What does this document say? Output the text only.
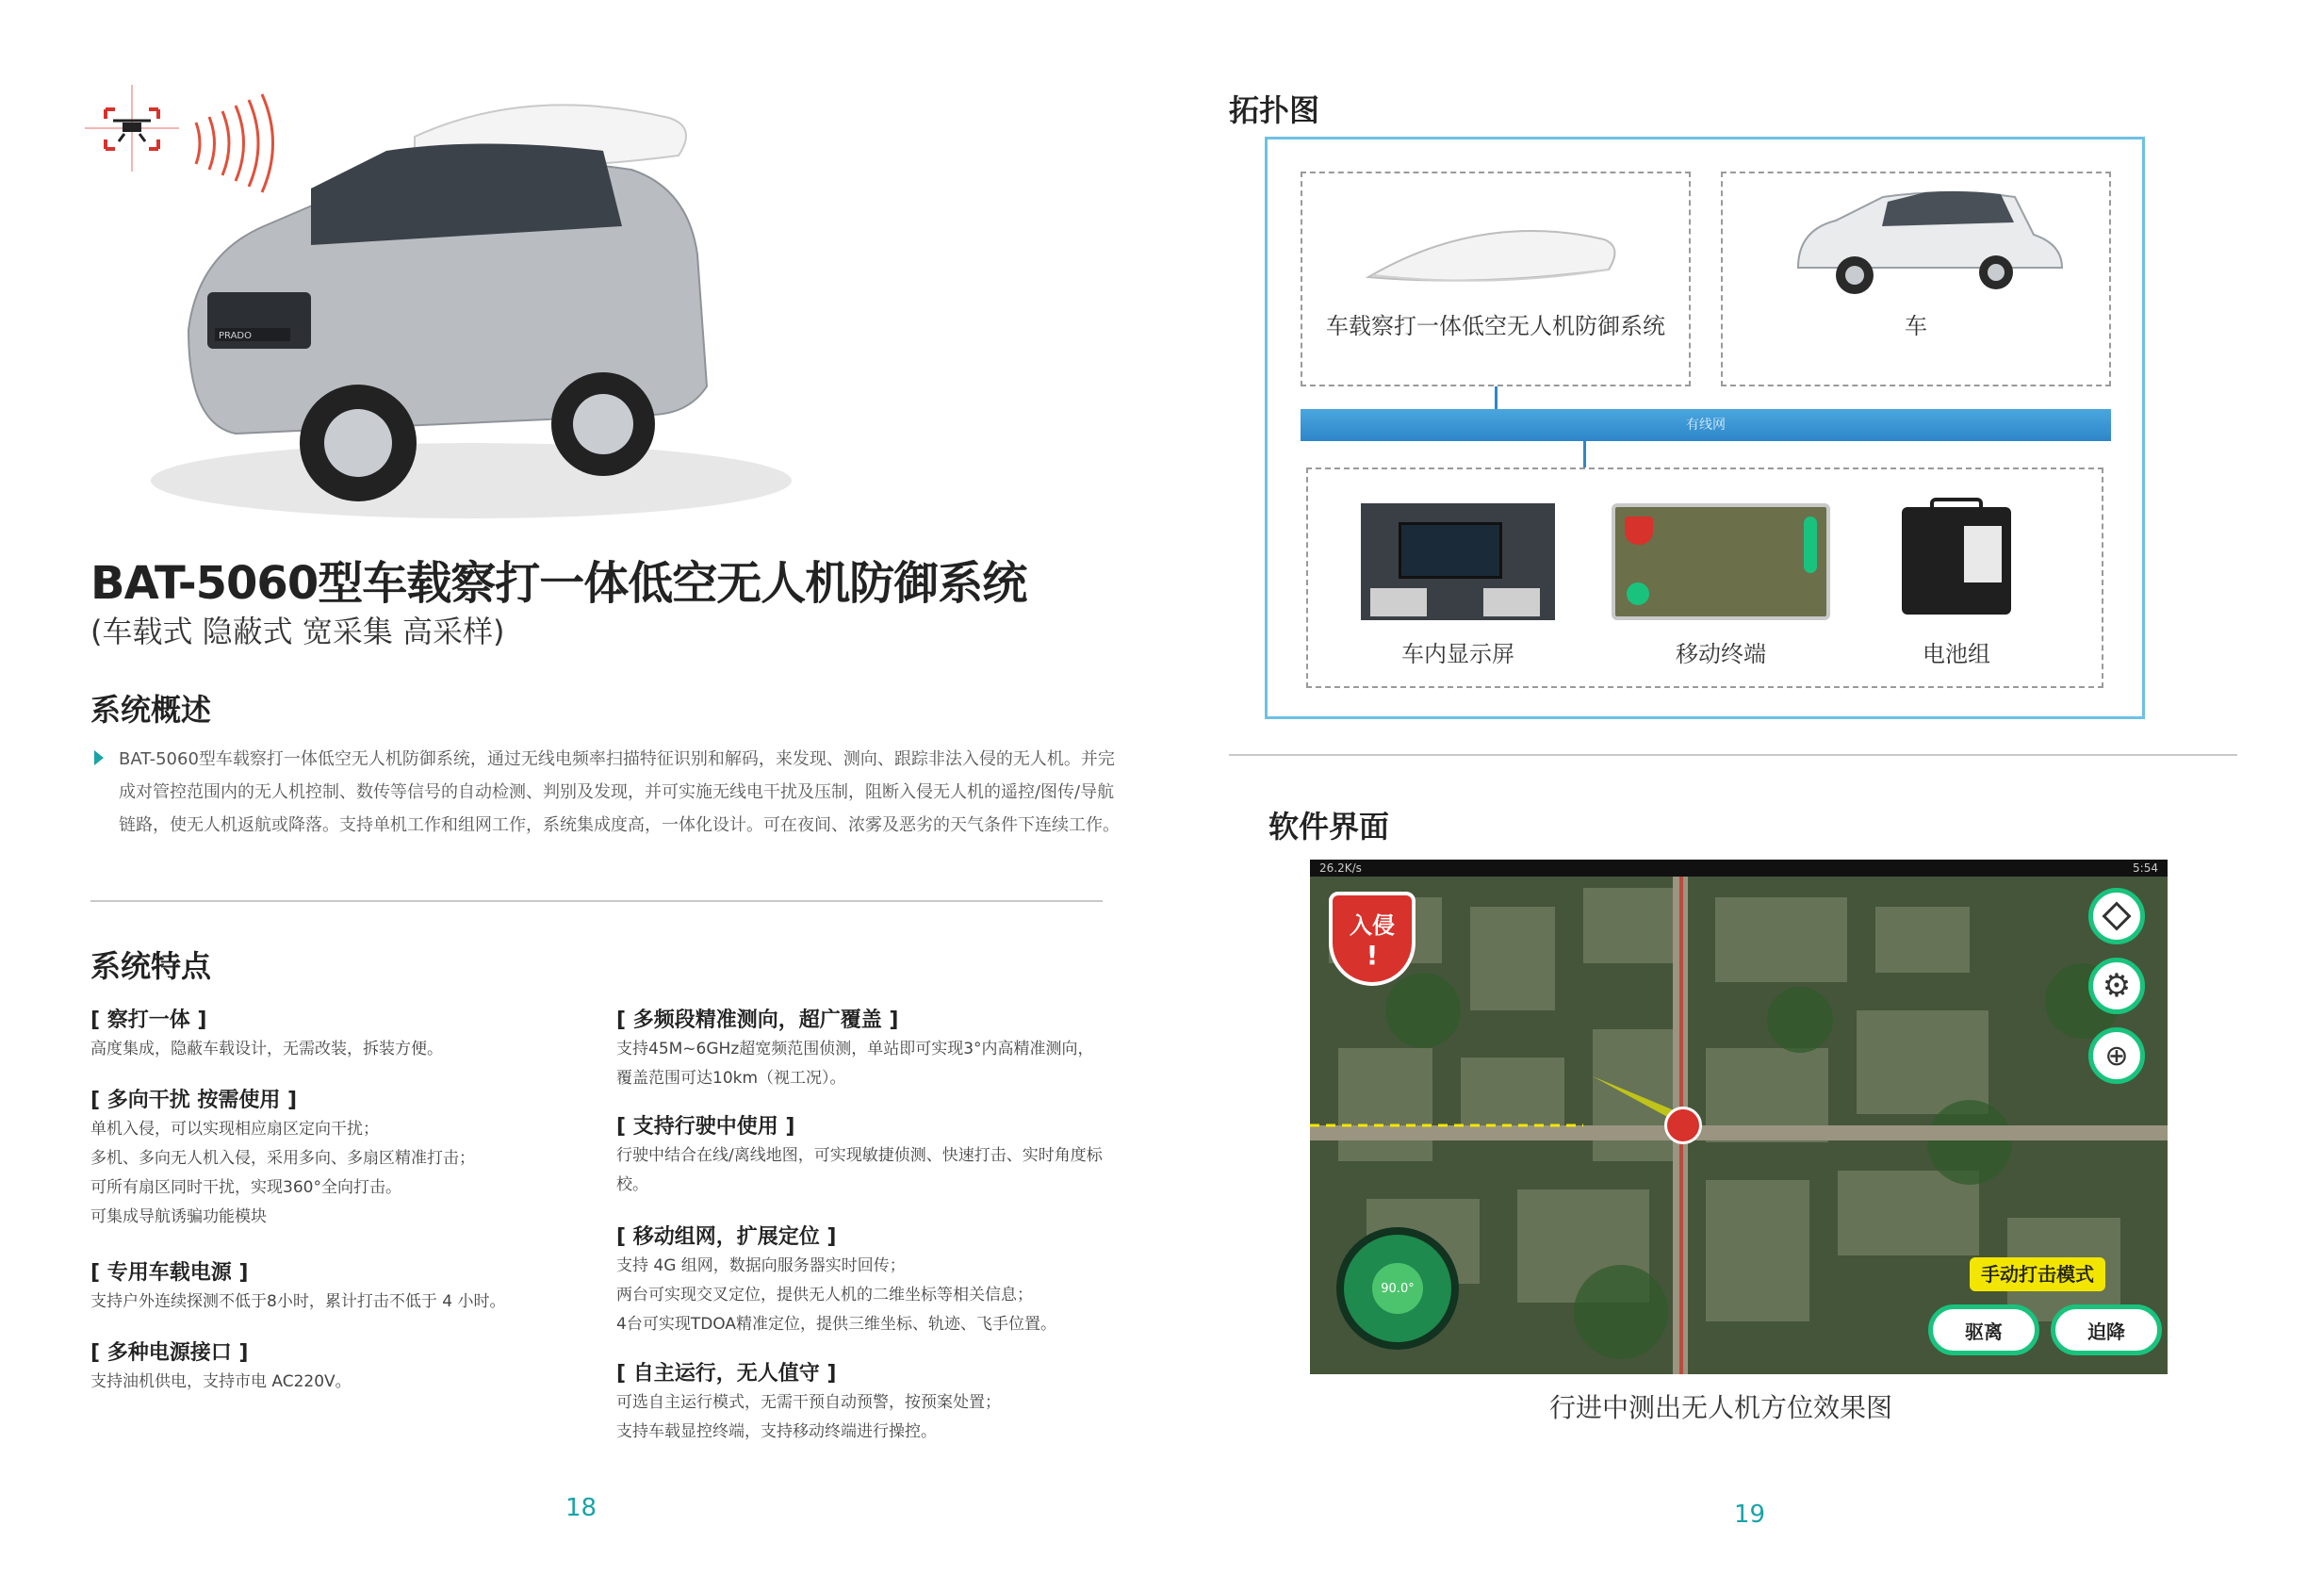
PRADO
BAT-5060型车载察打一体低空无人机防御系统
(车载式 隐蔽式 宽采集 高采样)
系统概述
BAT-5060型车载察打一体低空无人机防御系统，通过无线电频率扫描特征识别和解码，来发现、测向、跟踪非法入侵的无人机。并完成对管控范围内的无人机控制、数传等信号的自动检测、判别及发现，并可实施无线电干扰及压制，阻断入侵无人机的遥控/图传/导航链路，使无人机返航或降落。支持单机工作和组网工作，系统集成度高，一体化设计。可在夜间、浓雾及恶劣的天气条件下连续工作。
系统特点
[ 察打一体 ]
高度集成，隐蔽车载设计，无需改装，拆装方便。
[ 多向干扰 按需使用 ]
单机入侵，可以实现相应扇区定向干扰；
多机、多向无人机入侵，采用多向、多扇区精准打击；
可所有扇区同时干扰，实现360°全向打击。
可集成导航诱骗功能模块
[ 专用车载电源 ]
支持户外连续探测不低于8小时，累计打击不低于 4 小时。
[ 多种电源接口 ]
支持油机供电，支持市电 AC220V。
[ 多频段精准测向，超广覆盖 ]
支持45M~6GHz超宽频范围侦测，单站即可实现3°内高精准测向，覆盖范围可达10km（视工况）。
[ 支持行驶中使用 ]
行驶中结合在线/离线地图，可实现敏捷侦测、快速打击、实时角度标校。
[ 移动组网，扩展定位 ]
支持 4G 组网，数据向服务器实时回传；
两台可实现交叉定位，提供无人机的二维坐标等相关信息；
4台可实现TDOA精准定位，提供三维坐标、轨迹、飞手位置。
[ 自主运行，无人值守 ]
可选自主运行模式，无需干预自动预警，按预案处置；
支持车载显控终端，支持移动终端进行操控。
18
拓扑图
车载察打一体低空无人机防御系统	车
有线网
车内显示屏	移动终端	电池组
软件界面
26.2K/s	5:54
入侵
!
⚙
⊕
90.0°
手动打击模式
驱离	迫降
行进中测出无人机方位效果图
19
